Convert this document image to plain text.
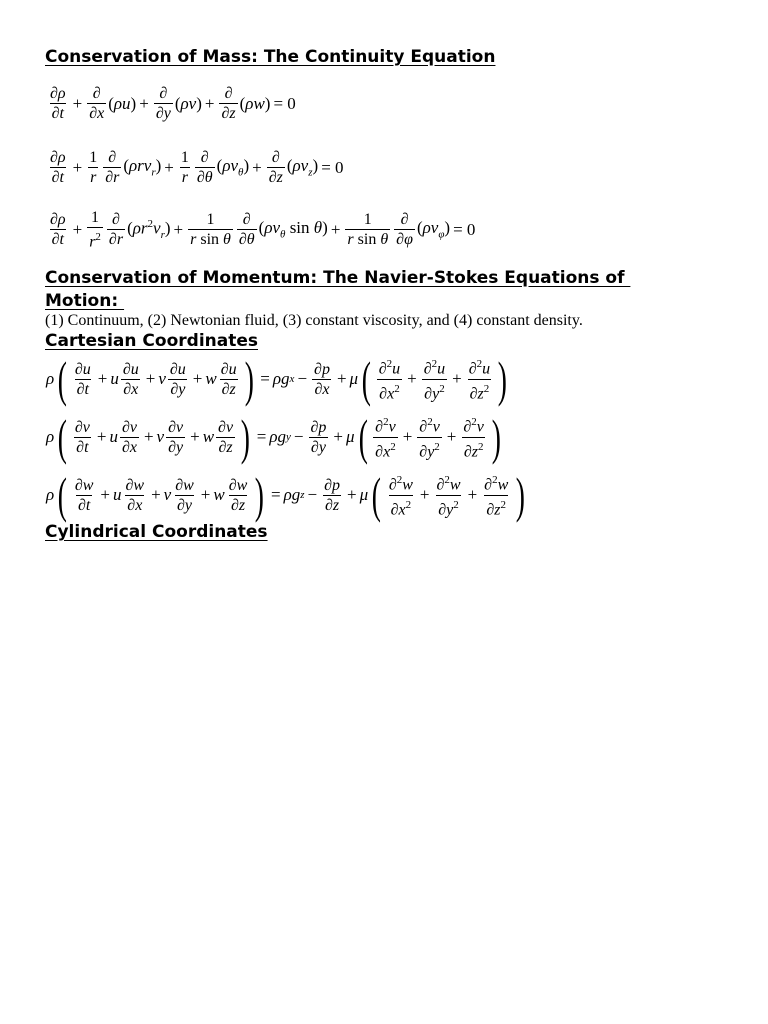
Conservation of Mass: The Continuity Equation
$\frac{\partial\rho}{\partial t} + \frac{\partial}{\partial x} (\rho u) + \frac{\partial}{\partial y} (\rho v) + \frac{\partial}{\partial z} (\rho w) = 0$
$\frac{\partial\rho}{\partial t} + \frac{1}{r} \frac{\partial}{\partial r} (\rho rv_r) + \frac{1}{r} \frac{\partial}{\partial\theta} (\rho v_\theta) + \frac{\partial}{\partial z} (\rho v_z) = 0$
$\frac{\partial\rho}{\partial t} + \frac{1}{r^2} \frac{\partial}{\partial r} (\rho r^2v_r) + \frac{1}{\text{r sin θ}} \frac{\partial}{\partial\theta} (\rho v_\theta$ $\sin \theta) + \frac{1}{\text{r sin θ}} \frac{\partial}{\partial\varphi} (\rho v_\varphi) = 0$
Conservation of Momentum: The Navier-Stokes Equations of
Motion:
(1) Continuum, (2) Newtonian fluid, (3) constant viscosity, and (4) constant density.
Cartesian Coordinates
ρ ( $\frac{\partial u}{\partial t} + u \frac{\partial u}{\partial x} + v \frac{\partial u}{\partial y} + w \frac{\partial u}{\partial z}$ ) = ρg $x - \frac{\partial p}{\partial x} + \mu$ ( $\frac{\partial^2u}{\partial x^2} + \frac{\partial^2u}{\partial y^2} + \frac{\partial^2u}{\partial z^2}$ )
ρ ( $\frac{\partial v}{\partial t} + u \frac{\partial v}{\partial x} + v \frac{\partial v}{\partial y} + w \frac{\partial v}{\partial z}$ ) = ρg $y - \frac{\partial p}{\partial y} + \mu$ ( $\frac{\partial^2v}{\partial x^2} + \frac{\partial^2v}{\partial y^2} + \frac{\partial^2v}{\partial z^2}$ )
ρ ( $\frac{\partial w}{\partial t} + u \frac{\partial w}{\partial x} + v \frac{\partial w}{\partial y} + w \frac{\partial w}{\partial z}$ ) = ρg $z - \frac{\partial p}{\partial z} + \mu$ ( $\frac{\partial^2w}{\partial x^2} + \frac{\partial^2w}{\partial y^2} + \frac{\partial^2w}{\partial z^2}$ )
Cylindrical Coordinates
